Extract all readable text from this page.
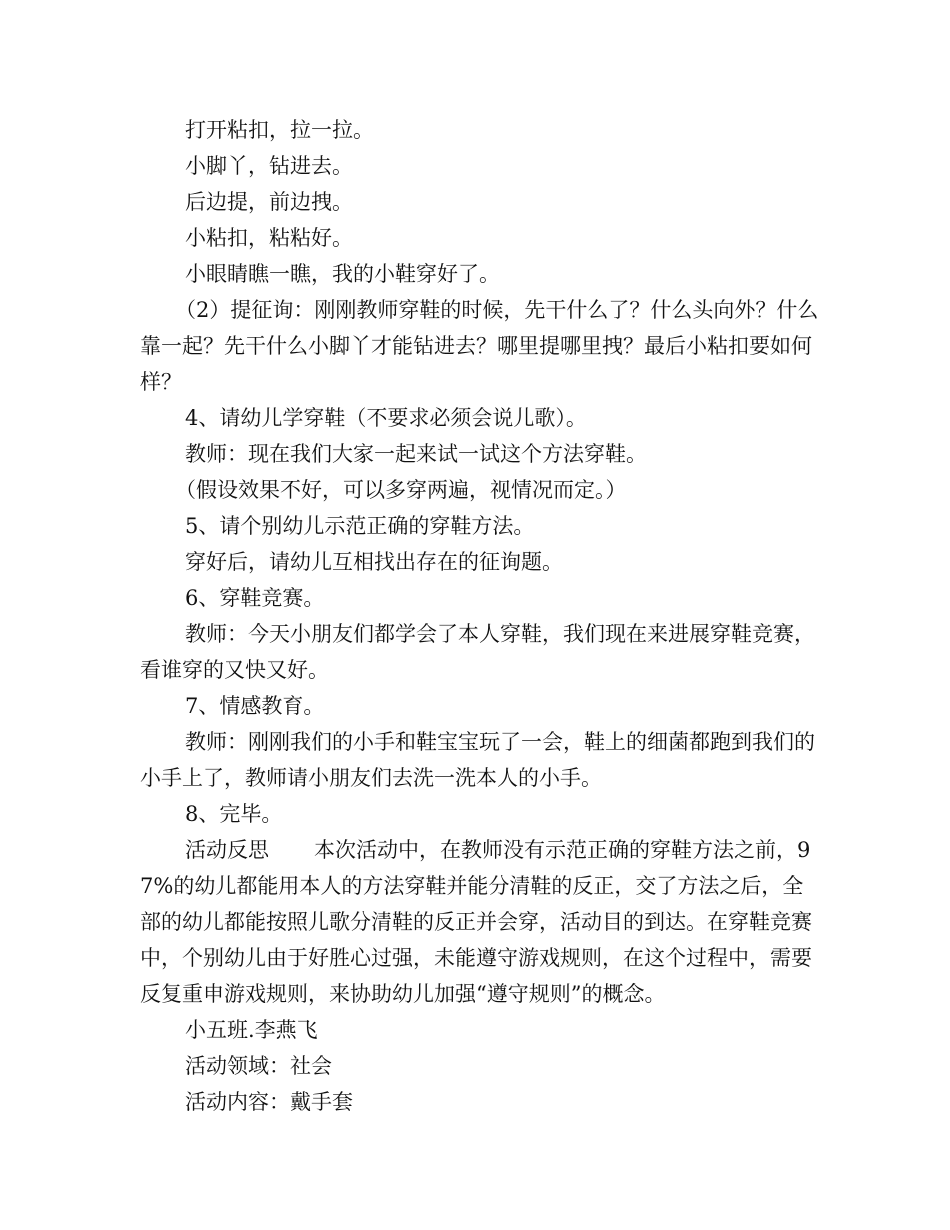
打开粘扣，拉一拉。

小脚丫，钻进去。

后边提，前边拽。

小粘扣，粘粘好。

小眼睛瞧一瞧，我的小鞋穿好了。

（2）提征询：刚刚教师穿鞋的时候，先干什么了？什么头向外？什么靠一起？先干什么小脚丫才能钻进去？哪里提哪里拽？最后小粘扣要如何样？

4、请幼儿学穿鞋（不要求必须会说儿歌）。

教师：现在我们大家一起来试一试这个方法穿鞋。

（假设效果不好，可以多穿两遍，视情况而定。）

5、请个别幼儿示范正确的穿鞋方法。

穿好后，请幼儿互相找出存在的征询题。

6、穿鞋竞赛。

教师：今天小朋友们都学会了本人穿鞋，我们现在来进展穿鞋竞赛，看谁穿的又快又好。

7、情感教育。

教师：刚刚我们的小手和鞋宝宝玩了一会，鞋上的细菌都跑到我们的小手上了，教师请小朋友们去洗一洗本人的小手。

8、完毕。

活动反思 本次活动中，在教师没有示范正确的穿鞋方法之前，97%的幼儿都能用本人的方法穿鞋并能分清鞋的反正，交了方法之后，全部的幼儿都能按照儿歌分清鞋的反正并会穿，活动目的到达。在穿鞋竞赛中，个别幼儿由于好胜心过强，未能遵守游戏规则，在这个过程中，需要反复重申游戏规则，来协助幼儿加强“遵守规则”的概念。

小五班.李燕飞

活动领域：社会

活动内容：戴手套
